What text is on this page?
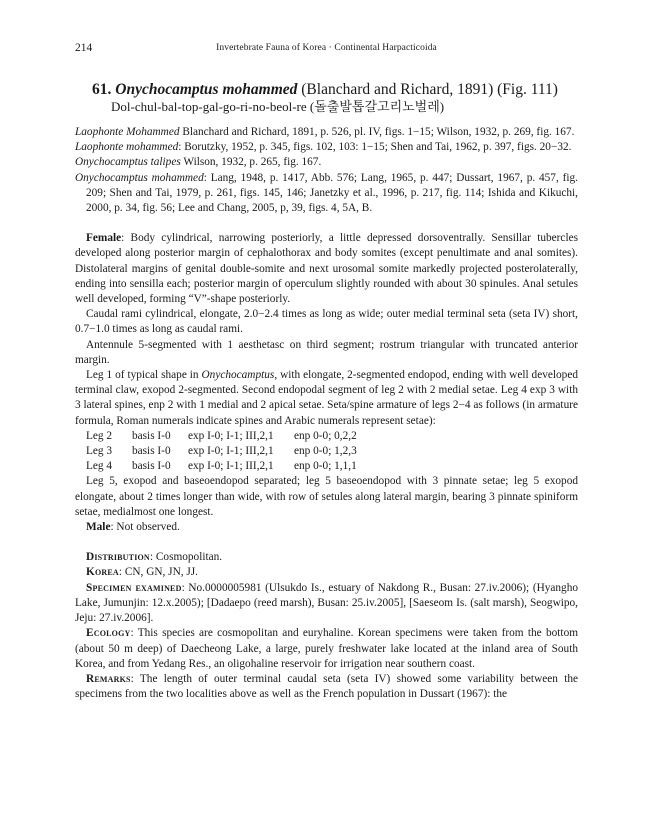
214	Invertebrate Fauna of Korea · Continental Harpacticoida
61. Onychocamptus mohammed (Blanchard and Richard, 1891) (Fig. 111)
Dol-chul-bal-top-gal-go-ri-no-beol-re (돌출발톱갈고리노벌레)

Laophonte Mohammed Blanchard and Richard, 1891, p. 526, pl. IV, figs. 1−15; Wilson, 1932, p. 269, fig. 167.

Laophonte mohammed: Borutzky, 1952, p. 345, figs. 102, 103: 1−15; Shen and Tai, 1962, p. 397, figs. 20−32.

Onychocamptus talipes Wilson, 1932, p. 265, fig. 167.

Onychocamptus mohammed: Lang, 1948, p. 1417, Abb. 576; Lang, 1965, p. 447; Dussart, 1967, p. 457, fig. 209; Shen and Tai, 1979, p. 261, figs. 145, 146; Janetzky et al., 1996, p. 217, fig. 114; Ishida and Kikuchi, 2000, p. 34, fig. 56; Lee and Chang, 2005, p, 39, figs. 4, 5A, B.

Female: Body cylindrical, narrowing posteriorly, a little depressed dorsoventrally. Sensillar tubercles developed along posterior margin of cephalothorax and body somites (except penultimate and anal somites). Distolateral margins of genital double-somite and next urosomal somite markedly projected posterolaterally, ending into sensilla each; posterior margin of operculum slightly rounded with about 30 spinules. Anal setules well developed, forming “V”-shape posteriorly.

Caudal rami cylindrical, elongate, 2.0−2.4 times as long as wide; outer medial terminal seta (seta IV) short, 0.7−1.0 times as long as caudal rami.

Antennule 5-segmented with 1 aesthetasc on third segment; rostrum triangular with truncated anterior margin.

Leg 1 of typical shape in Onychocamptus, with elongate, 2-segmented endopod, ending with well developed terminal claw, exopod 2-segmented. Second endopodal segment of leg 2 with 2 medial setae. Leg 4 exp 3 with 3 lateral spines, enp 2 with 1 medial and 2 apical setae. Seta/spine armature of legs 2−4 as follows (in armature formula, Roman numerals indicate spines and Arabic numerals represent setae):

Leg 2	basis I-0	exp I-0; I-1; III,2,1	enp 0-0; 0,2,2
Leg 3	basis I-0	exp I-0; I-1; III,2,1	enp 0-0; 1,2,3
Leg 4	basis I-0	exp I-0; I-1; III,2,1	enp 0-0; 1,1,1

Leg 5, exopod and baseoendopod separated; leg 5 baseoendopod with 3 pinnate setae; leg 5 exopod elongate, about 2 times longer than wide, with row of setules along lateral margin, bearing 3 pinnate spiniform setae, medialmost one longest.

Male: Not observed.

Distribution: Cosmopolitan.

Korea: CN, GN, JN, JJ.

Specimen examined: No.0000005981 (Ulsukdo Is., estuary of Nakdong R., Busan: 27.iv.2006); (Hyangho Lake, Jumunjin: 12.x.2005); [Dadaepo (reed marsh), Busan: 25.iv.2005], [Saeseom Is. (salt marsh), Seogwipo, Jeju: 27.iv.2006].

Ecology: This species are cosmopolitan and euryhaline. Korean specimens were taken from the bottom (about 50 m deep) of Daecheong Lake, a large, purely freshwater lake located at the inland area of South Korea, and from Yedang Res., an oligohaline reservoir for irrigation near southern coast.

Remarks: The length of outer terminal caudal seta (seta IV) showed some variability between the specimens from the two localities above as well as the French population in Dussart (1967): the
